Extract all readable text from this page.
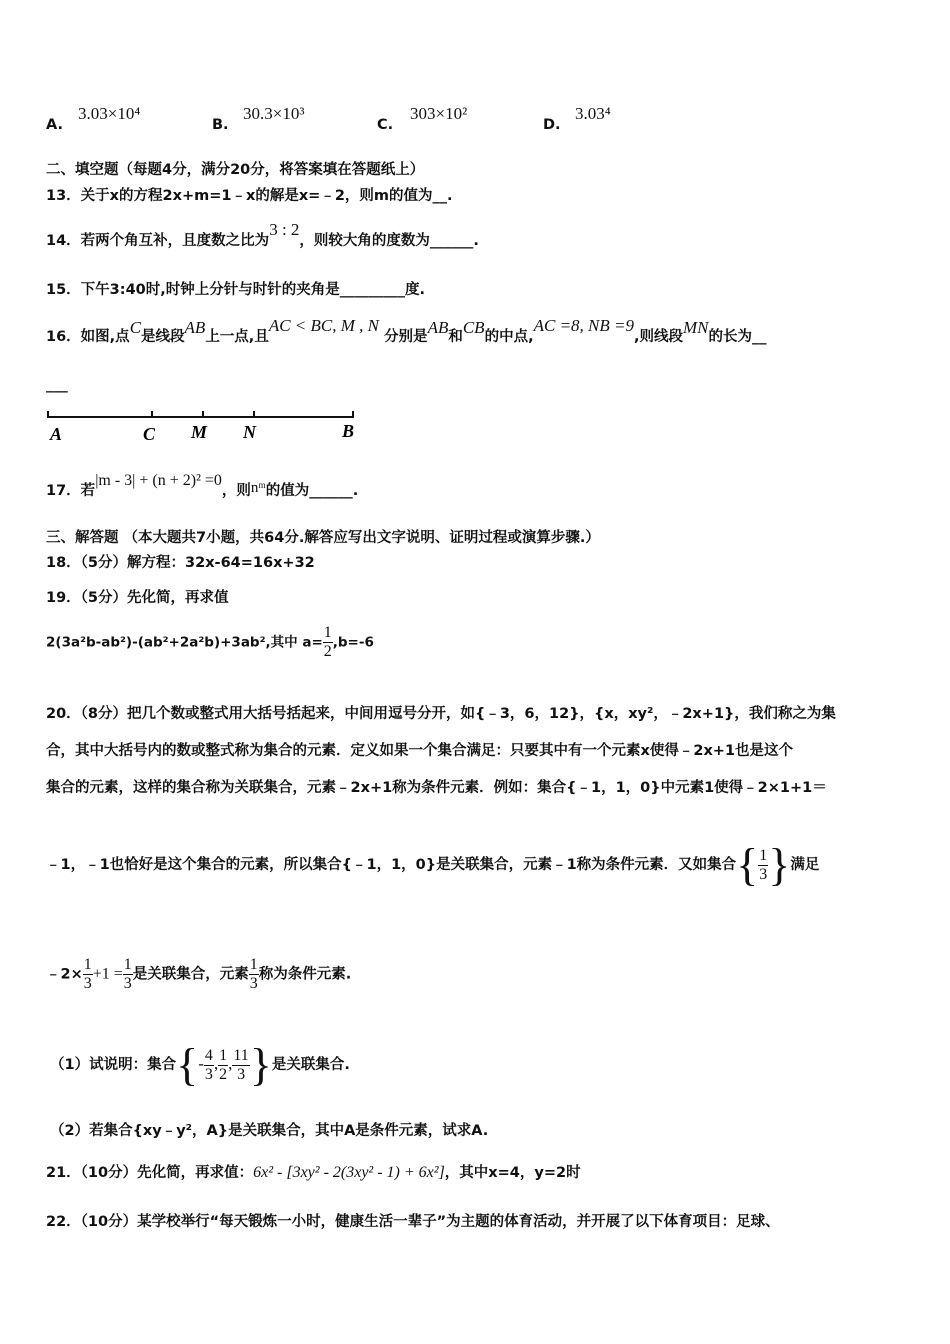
A.
3.03×10⁴
B.
30.3×10³
C.
303×10²
D.
3.03⁴
二、填空题（每题4分，满分20分，将答案填在答题纸上）
13．关于x的方程2x+m=1﹣x的解是x=﹣2，则m的值为__.
14．若两个角互补，且度数之比为3 : 2，则较大角的度数为______.
15．下午3:40时,时钟上分针与时针的夹角是_________度.
16．如图,点C是线段AB上一点,且AC < BC, M , N 分别是AB和CB的中点,AC =8, NB =9,则线段MN的长为__
___
A	C M N	B
17．若|m - 3| + (n + 2)² =0，则nᵐ的值为______.
三、解答题 （本大题共7小题，共64分.解答应写出文字说明、证明过程或演算步骤.）
18．（5分）解方程：32x-64=16x+32
19．（5分）先化简，再求值
2(3a²b-ab²)-(ab²+2a²b)+3ab²,其中 $a= \frac{1}{2} ,b=-6$
20．（8分）把几个数或整式用大括号括起来，中间用逗号分开，如{﹣3，6，12}，{x，xy²，﹣2x+1}，我们称之为集
合，其中大括号内的数或整式称为集合的元素．定义如果一个集合满足：只要其中有一个元素x使得﹣2x+1也是这个
集合的元素，这样的集合称为关联集合，元素﹣2x+1称为条件元素．例如：集合{﹣1，1，0}中元素1使得﹣2×1+1＝
﹣1，﹣1也恰好是这个集合的元素，所以集合{﹣1，1，0}是关联集合，元素﹣1称为条件元素．又如集合{ $\frac{1}{3}$ }满足
﹣2× $\frac{1}{3} +1 = \frac{1}{3}$ 是关联集合，元素 $\frac{1}{3}$ 称为条件元素.
（1）试说明：集合{- $\frac{4}{3}$ , $\frac{1}{2}$ , $\frac{11}{3}$ }是关联集合.
（2）若集合{xy﹣y²，A}是关联集合，其中A是条件元素，试求A.
21．（10分）先化简，再求值：6x² - [3xy² - 2(3xy² - 1) + 6x²]，其中x=4，y=2时
22．（10分）某学校举行“每天锻炼一小时，健康生活一辈子”为主题的体育活动，并开展了以下体育项目：足球、
